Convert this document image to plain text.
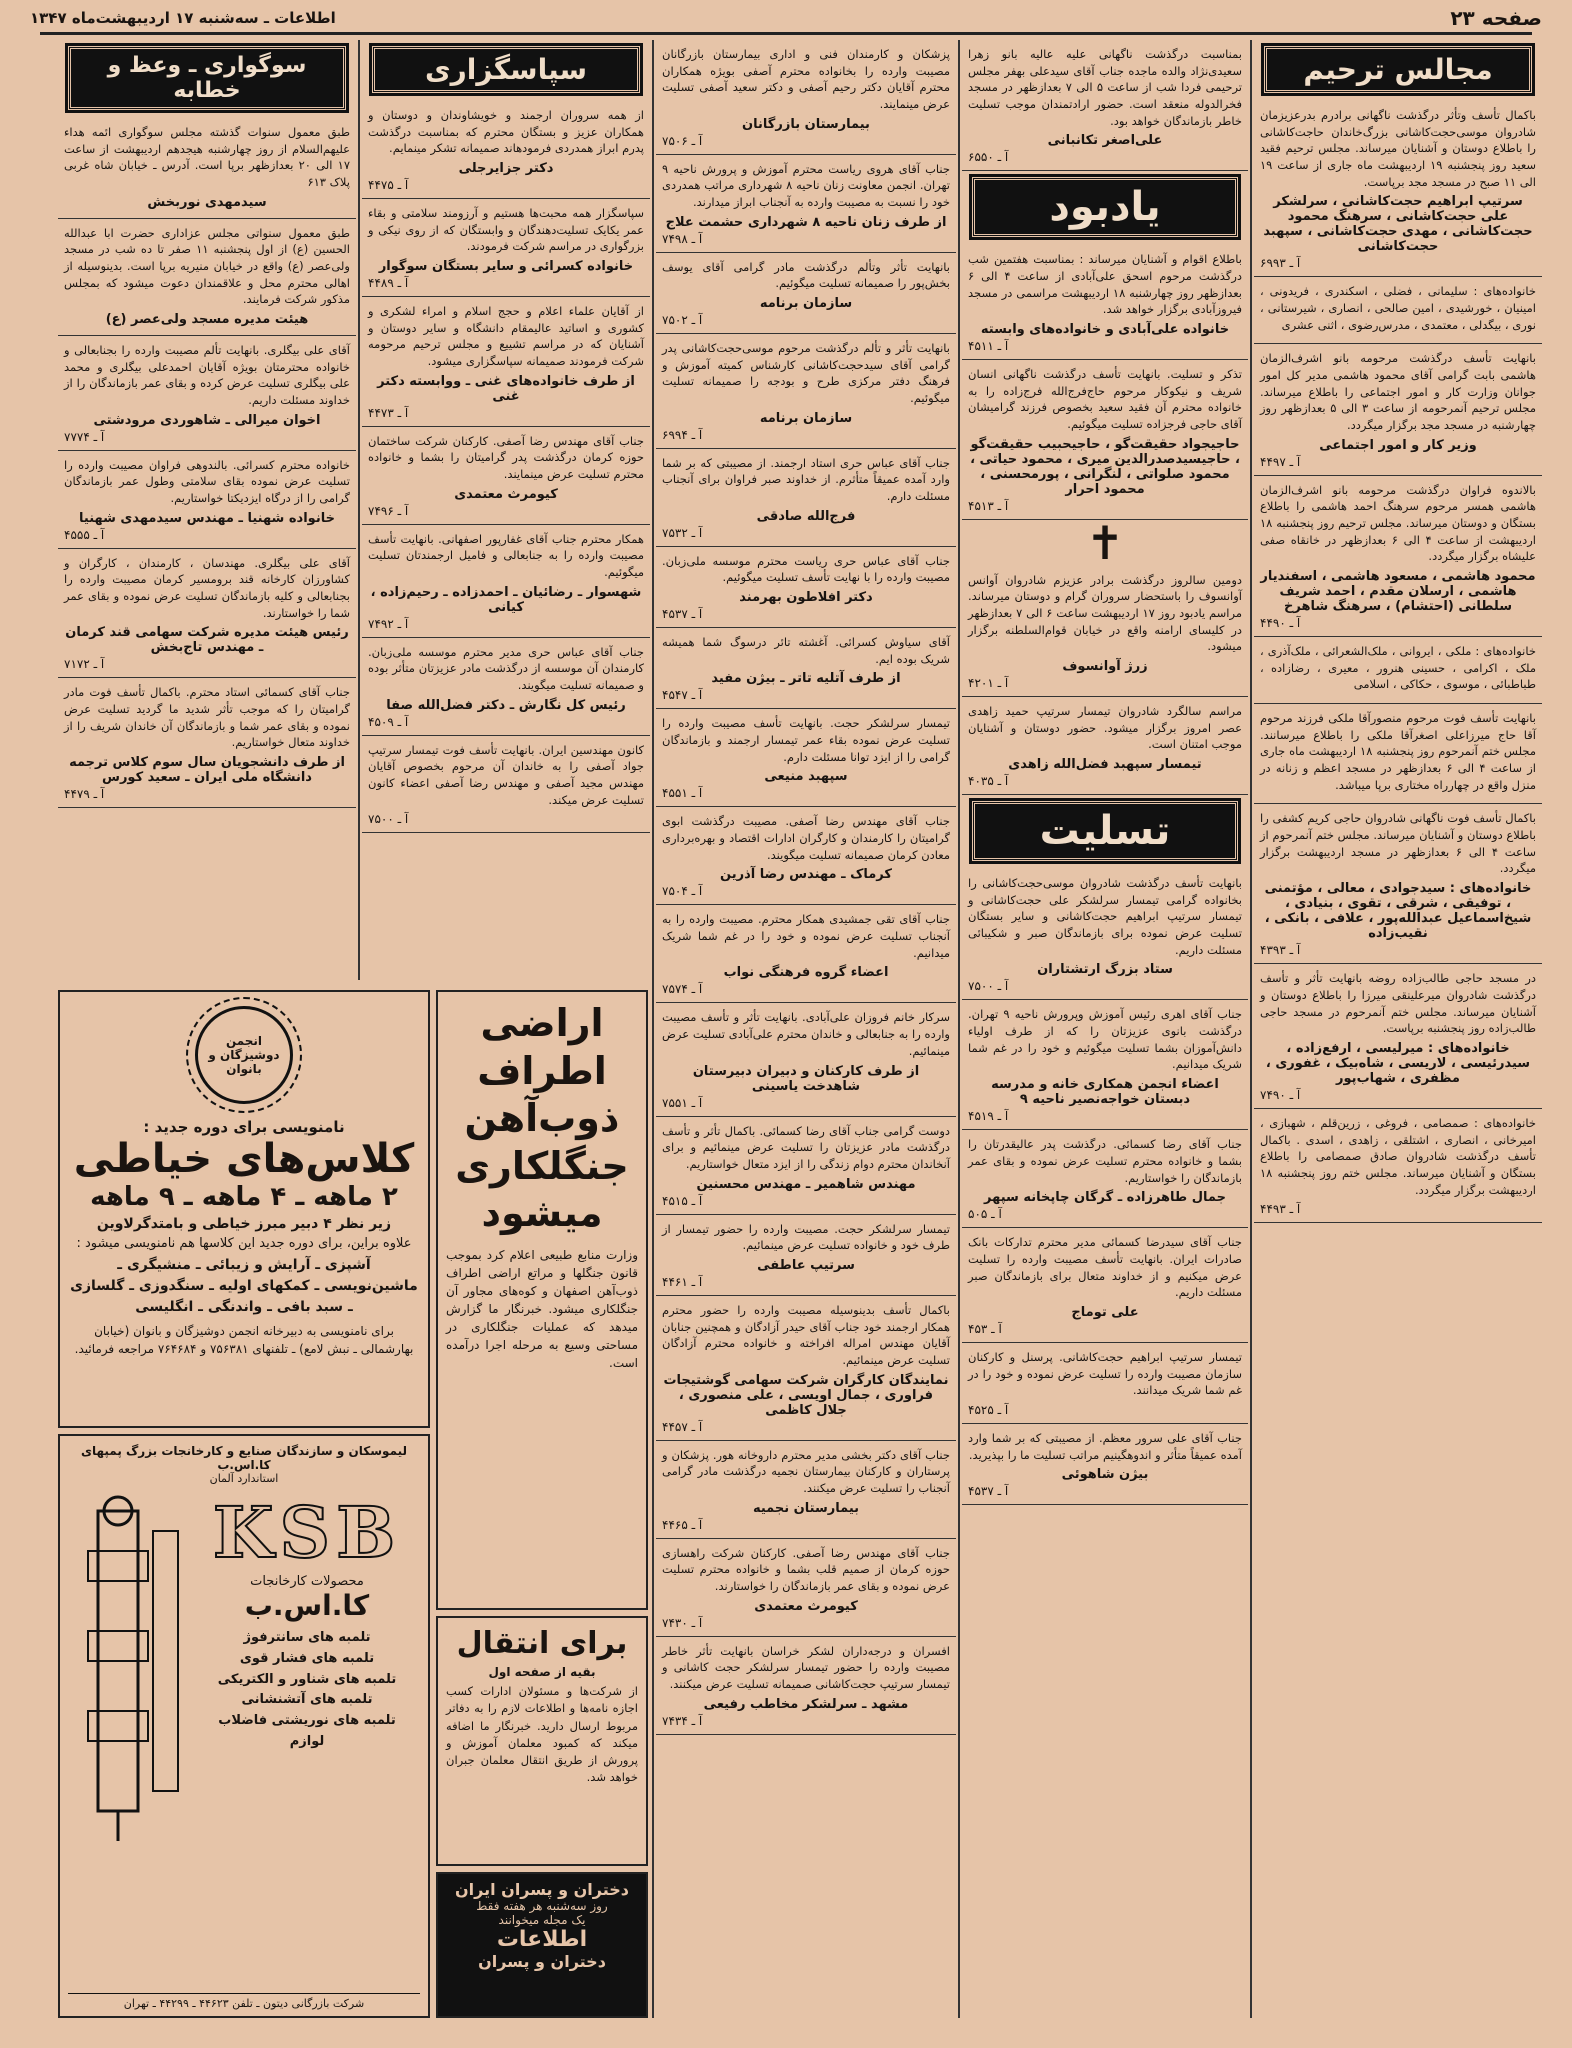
صفحه ۲۳
اطلاعات ـ سه‌شنبه ۱۷ اردیبهشت‌ماه ۱۳۴۷
مجالس ترحیم

باکمال تأسف وتأثر درگذشت ناگهانی برادرم بدرعزیزمان شادروان موسی‌حجت‌کاشانی بزرگ‌خاندان حاجت‌کاشانی را باطلاع دوستان و آشنایان میرساند. مجلس ترحیم فقید سعید روز پنجشنبه ۱۹ اردیبهشت ماه جاری از ساعت ۱۹ الی ۱۱ صبح در مسجد مجد برپاست.

سرتیپ ابراهیم حجت‌کاشانی ، سرلشکر علی حجت‌کاشانی ، سرهنگ محمود حجت‌کاشانی ، مهدی حجت‌کاشانی ، سپهبد حجت‌کاشانی
آ ـ ۶۹۹۳

خانواده‌های : سلیمانی ، فضلی ، اسکندری ، فریدونی ، امینیان ، خورشیدی ، امین صالحی ، انصاری ، شیرستانی ، نوری ، بیگدلی ، معتمدی ، مدرس‌رضوی ، اثنی عشری

بانهایت تأسف درگذشت مرحومه بانو اشرف‌الزمان هاشمی بابت گرامی آقای محمود هاشمی مدیر کل امور جوانان وزارت کار و امور اجتماعی را باطلاع میرساند. مجلس ترحیم آنمرحومه از ساعت ۳ الی ۵ بعدازظهر روز چهارشنبه در مسجد مجد برگزار میگردد.

وزیر کار و امور اجتماعی
آ ـ ۴۴۹۷

بالاندوه فراوان درگذشت مرحومه بانو اشرف‌الزمان هاشمی همسر مرحوم سرهنگ احمد هاشمی را باطلاع بستگان و دوستان میرساند. مجلس ترحیم روز پنجشنبه ۱۸ اردیبهشت از ساعت ۴ الی ۶ بعدازظهر در خانقاه صفی علیشاه برگزار میگردد.

محمود هاشمی ، مسعود هاشمی ، اسفندیار هاشمی ، ارسلان مقدم ، احمد شریف سلطانی (احتشام) ، سرهنگ شاهرخ
آ ـ ۴۴۹۰

خانواده‌های : ملکی ، ایروانی ، ملک‌الشعرائی ، ملک‌آذری ، ملک ، اکرامی ، حسینی هنرور ، معیری ، رضازاده ، طباطبائی ، موسوی ، حکاکی ، اسلامی

بانهایت تأسف فوت مرحوم منصور‌آقا ملکی فرزند مرحوم آقا حاج میرزاعلی اصغرآقا ملکی را باطلاع میرسانند. مجلس ختم آنمرحوم روز پنجشنبه ۱۸ اردیبهشت ماه جاری از ساعت ۴ الی ۶ بعدازظهر در مسجد اعظم و زنانه در منزل واقع در چهارراه مختاری برپا میباشد.

باکمال تأسف فوت ناگهانی شادروان حاجی کریم کشفی را باطلاع دوستان و آشنایان میرساند. مجلس ختم آنمرحوم از ساعت ۴ الی ۶ بعدازظهر در مسجد اردیبهشت برگزار میگردد.

خانواده‌های : سیدجوادی ، معالی ، مؤتمنی ، توفیقی ، شرقی ، تقوی ، بنیادی ، شیخ‌اسماعیل عبدالله‌پور ، علافی ، بانکی ، نقیب‌زاده
آ ـ ۴۳۹۳

در مسجد حاجی طالب‌زاده روضه بانهایت تأثر و تأسف درگذشت شادروان میرعلینقی میرزا را باطلاع دوستان و آشنایان میرساند. مجلس ختم آنمرحوم در مسجد حاجی طالب‌زاده روز پنجشنبه برپاست.

خانواده‌های : میرلیسی ، ارفع‌زاده ، سیدرئیسی ، لاریسی ، شاه‌بیک ، غفوری ، مظفری ، شهاب‌پور
آ ـ ۷۴۹۰

خانواده‌های : صمصامی ، فروغی ، زرین‌قلم ، شهبازی ، امیرخانی ، انصاری ، اشتلقی ، زاهدی ، اسدی . باکمال تأسف درگذشت شادروان صادق صمصامی را باطلاع بستگان و آشنایان میرساند. مجلس ختم روز پنجشنبه ۱۸ اردیبهشت برگزار میگردد.

آ ـ ۴۴۹۳

بمناسبت درگذشت ناگهانی علیه عالیه بانو زهرا سعیدی‌نژاد والده ماجده جناب آقای سیدعلی بهفر مجلس ترحیمی فردا شب از ساعت ۵ الی ۷ بعدازظهر در مسجد فخرالدوله منعقد است. حضور ارادتمندان موجب تسلیت خاطر بازماندگان خواهد بود.

علی‌اصغر تکانبانی
آ ـ ۶۵۵۰
یادبود

باطلاع اقوام و آشنایان میرساند : بمناسبت هفتمین شب درگذشت مرحوم اسحق علی‌آبادی از ساعت ۴ الی ۶ بعدازظهر روز چهارشنبه ۱۸ اردیبهشت مراسمی در مسجد فیروزآبادی برگزار خواهد شد.

خانواده علی‌آبادی و خانواده‌های وابسته
آ ـ ۴۵۱۱

تذکر و تسلیت. بانهایت تأسف درگذشت ناگهانی انسان شریف و نیکوکار مرحوم حاج‌فرج‌الله فرج‌زاده را به خانواده محترم آن فقید سعید بخصوص فرزند گرامیشان آقای حاجی فرجزاده تسلیت میگوئیم.

حاجیجواد حقیقت‌گو ، حاجیحبیب حقیقت‌گو ، حاجیسیدصدرالدین میری ، محمود حیاتی ، محمود صلواتی ، لنگرانی ، پورمحسنی ، محمود احرار
آ ـ ۴۵۱۳
✝

دومین سالروز درگذشت برادر عزیزم شادروان آوانس آوانسوف را باستحضار سروران گرام و دوستان میرساند. مراسم یادبود روز ۱۷ اردیبهشت ساعت ۶ الی ۷ بعدازظهر در کلیسای ارامنه واقع در خیابان قوام‌السلطنه برگزار میشود.

زرژ آوانسوف
آ ـ ۴۲۰۱

مراسم سالگرد شادروان تیمسار سرتیپ حمید زاهدی عصر امروز برگزار میشود. حضور دوستان و آشنایان موجب امتنان است.

تیمسار سپهبد فضل‌الله زاهدی
آ ـ ۴۰۳۵
تسلیت

بانهایت تأسف درگذشت شادروان موسی‌حجت‌کاشانی را بخانواده گرامی تیمسار سرلشکر علی حجت‌کاشانی و تیمسار سرتیپ ابراهیم حجت‌کاشانی و سایر بستگان تسلیت عرض نموده برای بازماندگان صبر و شکیبائی مسئلت داریم.

ستاد بزرگ ارتشتاران
آ ـ ۷۵۰۰

جناب آقای اهری رئیس آموزش وپرورش ناحیه ۹ تهران. درگذشت بانوی عزیزتان را که از طرف اولیاء دانش‌آموزان بشما تسلیت میگوئیم و خود را در غم شما شریک میدانیم.

اعضاء انجمن همکاری خانه و مدرسه دبستان خواجه‌نصیر ناحیه ۹
آ ـ ۴۵۱۹

جناب آقای رضا کسمائی. درگذشت پدر عالیقدرتان را بشما و خانواده محترم تسلیت عرض نموده و بقای عمر بازماندگان را خواستاریم.

جمال طاهرزاده ـ گرگان چاپخانه سپهر
آ ـ ۵۰۵

جناب آقای سیدرضا کسمائی مدیر محترم تدارکات بانک صادرات ایران. بانهایت تأسف مصیبت وارده را تسلیت عرض میکنیم و از خداوند متعال برای بازماندگان صبر مسئلت داریم.

علی توماج
آ ـ ۴۵۳

تیمسار سرتیپ ابراهیم حجت‌کاشانی. پرسنل و کارکنان سازمان مصیبت وارده را تسلیت عرض نموده و خود را در غم شما شریک میدانند.

آ ـ ۴۵۲۵

جناب آقای علی سرور معظم. از مصیبتی که بر شما وارد آمده عمیقاً متأثر و اندوهگینیم مراتب تسلیت ما را بپذیرید.

بیژن شاهوئی
آ ـ ۴۵۳۷

پزشکان و کارمندان فنی و اداری بیمارستان بازرگانان مصیبت وارده را بخانواده محترم آصفی بویژه همکاران محترم آقایان دکتر رحیم آصفی و دکتر سعید آصفی تسلیت عرض مینمایند.

بیمارستان بازرگانان
آ ـ ۷۵۰۶

جناب آقای هروی ریاست محترم آموزش و پرورش ناحیه ۹ تهران. انجمن معاونت زنان ناحیه ۸ شهرداری مراتب همدردی خود را نسبت به مصیبت وارده به آنجناب ابراز میدارند.

از طرف زنان ناحیه ۸ شهرداری حشمت علاج
آ ـ ۷۴۹۸

بانهایت تأثر وتألم درگذشت مادر گرامی آقای یوسف بخش‌پور را صمیمانه تسلیت میگوئیم.

سازمان برنامه
آ ـ ۷۵۰۲

بانهایت تأثر و تألم درگذشت مرحوم موسی‌حجت‌کاشانی پدر گرامی آقای سیدحجت‌کاشانی کارشناس کمیته آموزش و فرهنگ دفتر مرکزی طرح و بودجه را صمیمانه تسلیت میگوئیم.

سازمان برنامه
آ ـ ۶۹۹۴

جناب آقای عباس حری استاد ارجمند. از مصیبتی که بر شما وارد آمده عمیقاً متأثرم. از خداوند صبر فراوان برای آنجناب مسئلت دارم.

فرج‌الله صادقی
آ ـ ۷۵۳۲

جناب آقای عباس حری ریاست محترم موسسه ملی‌زبان. مصیبت وارده را با نهایت تأسف تسلیت میگوئیم.

دکتر افلاطون بهرمند
آ ـ ۴۵۳۷

آقای سیاوش کسرائی. آغشته تائر درسوگ شما همیشه شریک بوده ایم.

از طرف آتلیه تاتر ـ بیژن مفید
آ ـ ۴۵۴۷

تیمسار سرلشکر حجت. بانهایت تأسف مصیبت وارده را تسلیت عرض نموده بقاء عمر تیمسار ارجمند و بازماندگان گرامی را از ایزد توانا مسئلت دارم.

سپهبد منیعی
آ ـ ۴۵۵۱

جناب آقای مهندس رضا آصفی. مصیبت درگذشت ابوی گرامیتان را کارمندان و کارگران ادارات اقتصاد و بهره‌برداری معادن کرمان صمیمانه تسلیت میگویند.

کرماک ـ مهندس رضا آذرین
آ ـ ۷۵۰۴

جناب آقای تقی جمشیدی همکار محترم. مصیبت وارده را به آنجناب تسلیت عرض نموده و خود را در غم شما شریک میدانیم.

اعضاء گروه فرهنگی نواب
آ ـ ۷۵۷۴

سرکار خانم فروزان علی‌آبادی. بانهایت تأثر و تأسف مصیبت وارده را به جنابعالی و خاندان محترم علی‌آبادی تسلیت عرض مینمائیم.

از طرف کارکنان و دبیران دبیرستان شاهدخت یاسینی
آ ـ ۷۵۵۱

دوست گرامی جناب آقای رضا کسمائی. باکمال تأثر و تأسف درگذشت مادر عزیزتان را تسلیت عرض مینمائیم و برای آنخاندان محترم دوام زندگی را از ایزد متعال خواستاریم.

مهندس شاهمیر ـ مهندس محسنین
آ ـ ۴۵۱۵

تیمسار سرلشکر حجت. مصیبت وارده را حضور تیمسار از طرف خود و خانواده تسلیت عرض مینمائیم.

سرتیپ عاطفی
آ ـ ۴۴۶۱

باکمال تأسف بدینوسیله مصیبت وارده را حضور محترم همکار ارجمند خود جناب آقای حیدر آزادگان و همچنین جنابان آقایان مهندس امراله افراخته و خانواده محترم آزادگان تسلیت عرض مینمائیم.

نمایندگان کارگران شرکت سهامی گوشتیجات فراوری ، جمال اویسی ، علی منصوری ، جلال کاظمی
آ ـ ۴۴۵۷

جناب آقای دکتر بخشی مدیر محترم داروخانه هور. پزشکان و پرستاران و کارکنان بیمارستان نجمیه درگذشت مادر گرامی آنجناب را تسلیت عرض میکنند.

بیمارستان نجمیه
آ ـ ۴۴۶۵

جناب آقای مهندس رضا آصفی. کارکنان شرکت راهسازی حوزه کرمان از صمیم قلب بشما و خانواده محترم تسلیت عرض نموده و بقای عمر بازماندگان را خواستارند.

کیومرث معتمدی
آ ـ ۷۴۳۰

افسران و درجه‌داران لشکر خراسان بانهایت تأثر خاطر مصیبت وارده را حضور تیمسار سرلشکر حجت کاشانی و تیمسار سرتیپ حجت‌کاشانی صمیمانه تسلیت عرض میکنند.

مشهد ـ سرلشکر مخاطب رفیعی
آ ـ ۷۴۳۴
سپاسگزاری

از همه سروران ارجمند و خویشاوندان و دوستان و همکاران عزیز و بستگان محترم که بمناسبت درگذشت پدرم ابراز همدردی فرمودهاند صمیمانه تشکر مینمایم.

دکتر جزایرجلی
آ ـ ۴۴۷۵

سپاسگزار همه محبت‌ها هستیم و آرزومند سلامتی و بقاء عمر یکایک تسلیت‌دهندگان و وابستگان که از روی نیکی و بزرگواری در مراسم شرکت فرمودند.

خانواده کسرائی و سایر بستگان سوگوار
آ ـ ۴۴۸۹

از آقایان علماء اعلام و حجج اسلام و امراء لشکری و کشوری و اساتید عالیمقام دانشگاه و سایر دوستان و آشنایان که در مراسم تشییع و مجلس ترحیم مرحومه شرکت فرمودند صمیمانه سپاسگزاری میشود.

از طرف خانواده‌های غنی ـ ووابسته دکتر غنی
آ ـ ۴۴۷۳

جناب آقای مهندس رضا آصفی. کارکنان شرکت ساختمان حوزه کرمان درگذشت پدر گرامیتان را بشما و خانواده محترم تسلیت عرض مینمایند.

کیومرث معتمدی
آ ـ ۷۴۹۶

همکار محترم جناب آقای غفارپور اصفهانی. بانهایت تأسف مصیبت وارده را به جنابعالی و فامیل ارجمندتان تسلیت میگوئیم.

شهسوار ـ رضائیان ـ احمدزاده ـ رحیم‌زاده ، کیانی
آ ـ ۷۴۹۲

جناب آقای عباس حری مدیر محترم موسسه ملی‌زبان. کارمندان آن موسسه از درگذشت مادر عزیزتان متأثر بوده و صمیمانه تسلیت میگویند.

رئیس کل نگارش ـ دکتر فضل‌الله صفا
آ ـ ۴۵۰۹

کانون مهندسین ایران. بانهایت تأسف فوت تیمسار سرتیپ جواد آصفی را به خاندان آن مرحوم بخصوص آقایان مهندس مجید آصفی و مهندس رضا آصفی اعضاء کانون تسلیت عرض میکند.

آ ـ ۷۵۰۰
سوگواری ـ وعظ و خطابه

طبق معمول سنوات گذشته مجلس سوگواری ائمه هداء علیهم‌السلام از روز چهارشنبه هیجدهم اردیبهشت از ساعت ۱۷ الی ۲۰ بعدازظهر برپا است. آدرس ـ خیابان شاه غربی پلاک ۶۱۳

سیدمهدی نوربخش

طبق معمول سنواتی مجلس عزاداری حضرت ابا عبدالله الحسین (ع) از اول پنجشنبه ۱۱ صفر تا ده شب در مسجد ولی‌عصر (ع) واقع در خیابان منیریه برپا است. بدینوسیله از اهالی محترم محل و علاقمندان دعوت میشود که بمجلس مذکور شرکت فرمایند.

هیئت مدیره مسجد ولی‌عصر (ع)

آقای علی بیگلری. بانهایت تألم مصیبت وارده را بجنابعالی و خانواده محترمتان بویژه آقایان احمدعلی بیگلری و محمد علی بیگلری تسلیت عرض کرده و بقای عمر بازماندگان را از خداوند مسئلت داریم.

اخوان میرالی ـ شاهوردی مرودشتی
آ ـ ۷۷۷۴

خانواده محترم کسرائی. بالندوهی فراوان مصیبت وارده را تسلیت عرض نموده بقای سلامتی وطول عمر بازماندگان گرامی را از درگاه ایزدیکتا خواستاریم.

خانواده شهنیا ـ مهندس سیدمهدی شهنیا
آ ـ ۴۵۵۵

آقای علی بیگلری. مهندسان ، کارمندان ، کارگران و کشاورزان کارخانه قند برومسیر کرمان مصیبت وارده را بجنابعالی و کلیه بازماندگان تسلیت عرض نموده و بقای عمر شما را خواستارند.

رئیس هیئت مدیره شرکت سهامی قند کرمان ـ مهندس تاج‌بخش
آ ـ ۷۱۷۲

جناب آقای کسمائی استاد محترم. باکمال تأسف فوت مادر گرامیتان را که موجب تأثر شدید ما گردید تسلیت عرض نموده و بقای عمر شما و بازماندگان آن خاندان شریف را از خداوند متعال خواستاریم.

از طرف دانشجویان سال سوم کلاس ترجمه دانشگاه ملی ایران ـ سعید کورس
آ ـ ۴۴۷۹
اراضی اطراف ذوب‌آهن جنگلکاری میشود

وزارت منابع طبیعی اعلام کرد بموجب قانون جنگلها و مراتع اراضی اطراف ذوب‌آهن اصفهان و کوه‌های مجاور آن جنگلکاری میشود. خبرنگار ما گزارش میدهد که عملیات جنگلکاری در مساحتی وسیع به مرحله اجرا درآمده است.

برای انتقال
بقیه از صفحه اول

از شرکت‌ها و مسئولان ادارات کسب اجازه نامه‌ها و اطلاعات لازم را به دفاتر مربوط ارسال دارید. خبرنگار ما اضافه میکند که کمبود معلمان آموزش و پرورش از طریق انتقال معلمان جبران خواهد شد.

دختران و پسران ایران
روز سه‌شنبه هر هفته فقط
یک مجله میخوانند
اطلاعات
دختران و پسران
انجمن دوشیزگان و بانوان
نامنویسی برای دوره جدید :
کلاس‌های خیاطی
۲ ماهه ـ ۴ ماهه ـ ۹ ماهه
زیر نظر ۴ دبیر مبرز خیاطی و بامتدگرلاوین
علاوه براین، برای دوره جدید این کلاسها هم نامنویسی میشود :
آشپزی ـ آرایش و زیبائی ـ منشیگری ـ ماشین‌نویسی ـ کمکهای اولیه ـ سنگدوزی ـ گلسازی ـ سبد بافی ـ واندنگی ـ انگلیسی
برای نامنویسی به دبیرخانه انجمن دوشیزگان و بانوان (خیابان بهارشمالی ـ نبش لامع) ـ تلفنهای ۷۵۶۳۸۱ و ۷۶۴۶۸۴ مراجعه فرمائید.
لیموسکان و سازندگان صنایع و کارخانجات بزرگ پمپهای کا.اس.ب
استاندارد آلمان
KSB
محصولات کارخانجات
کا.اس.ب
تلمبه های سانترفوژ
تلمبه های فشار قوی
تلمبه های شناور و الکتریکی
تلمبه های آتشنشانی
تلمبه های نوریشتی فاضلاب
لوازم
شرکت بازرگانی دیتون ـ تلفن ۴۴۶۲۳ ـ ۴۴۲۹۹ ـ تهران
